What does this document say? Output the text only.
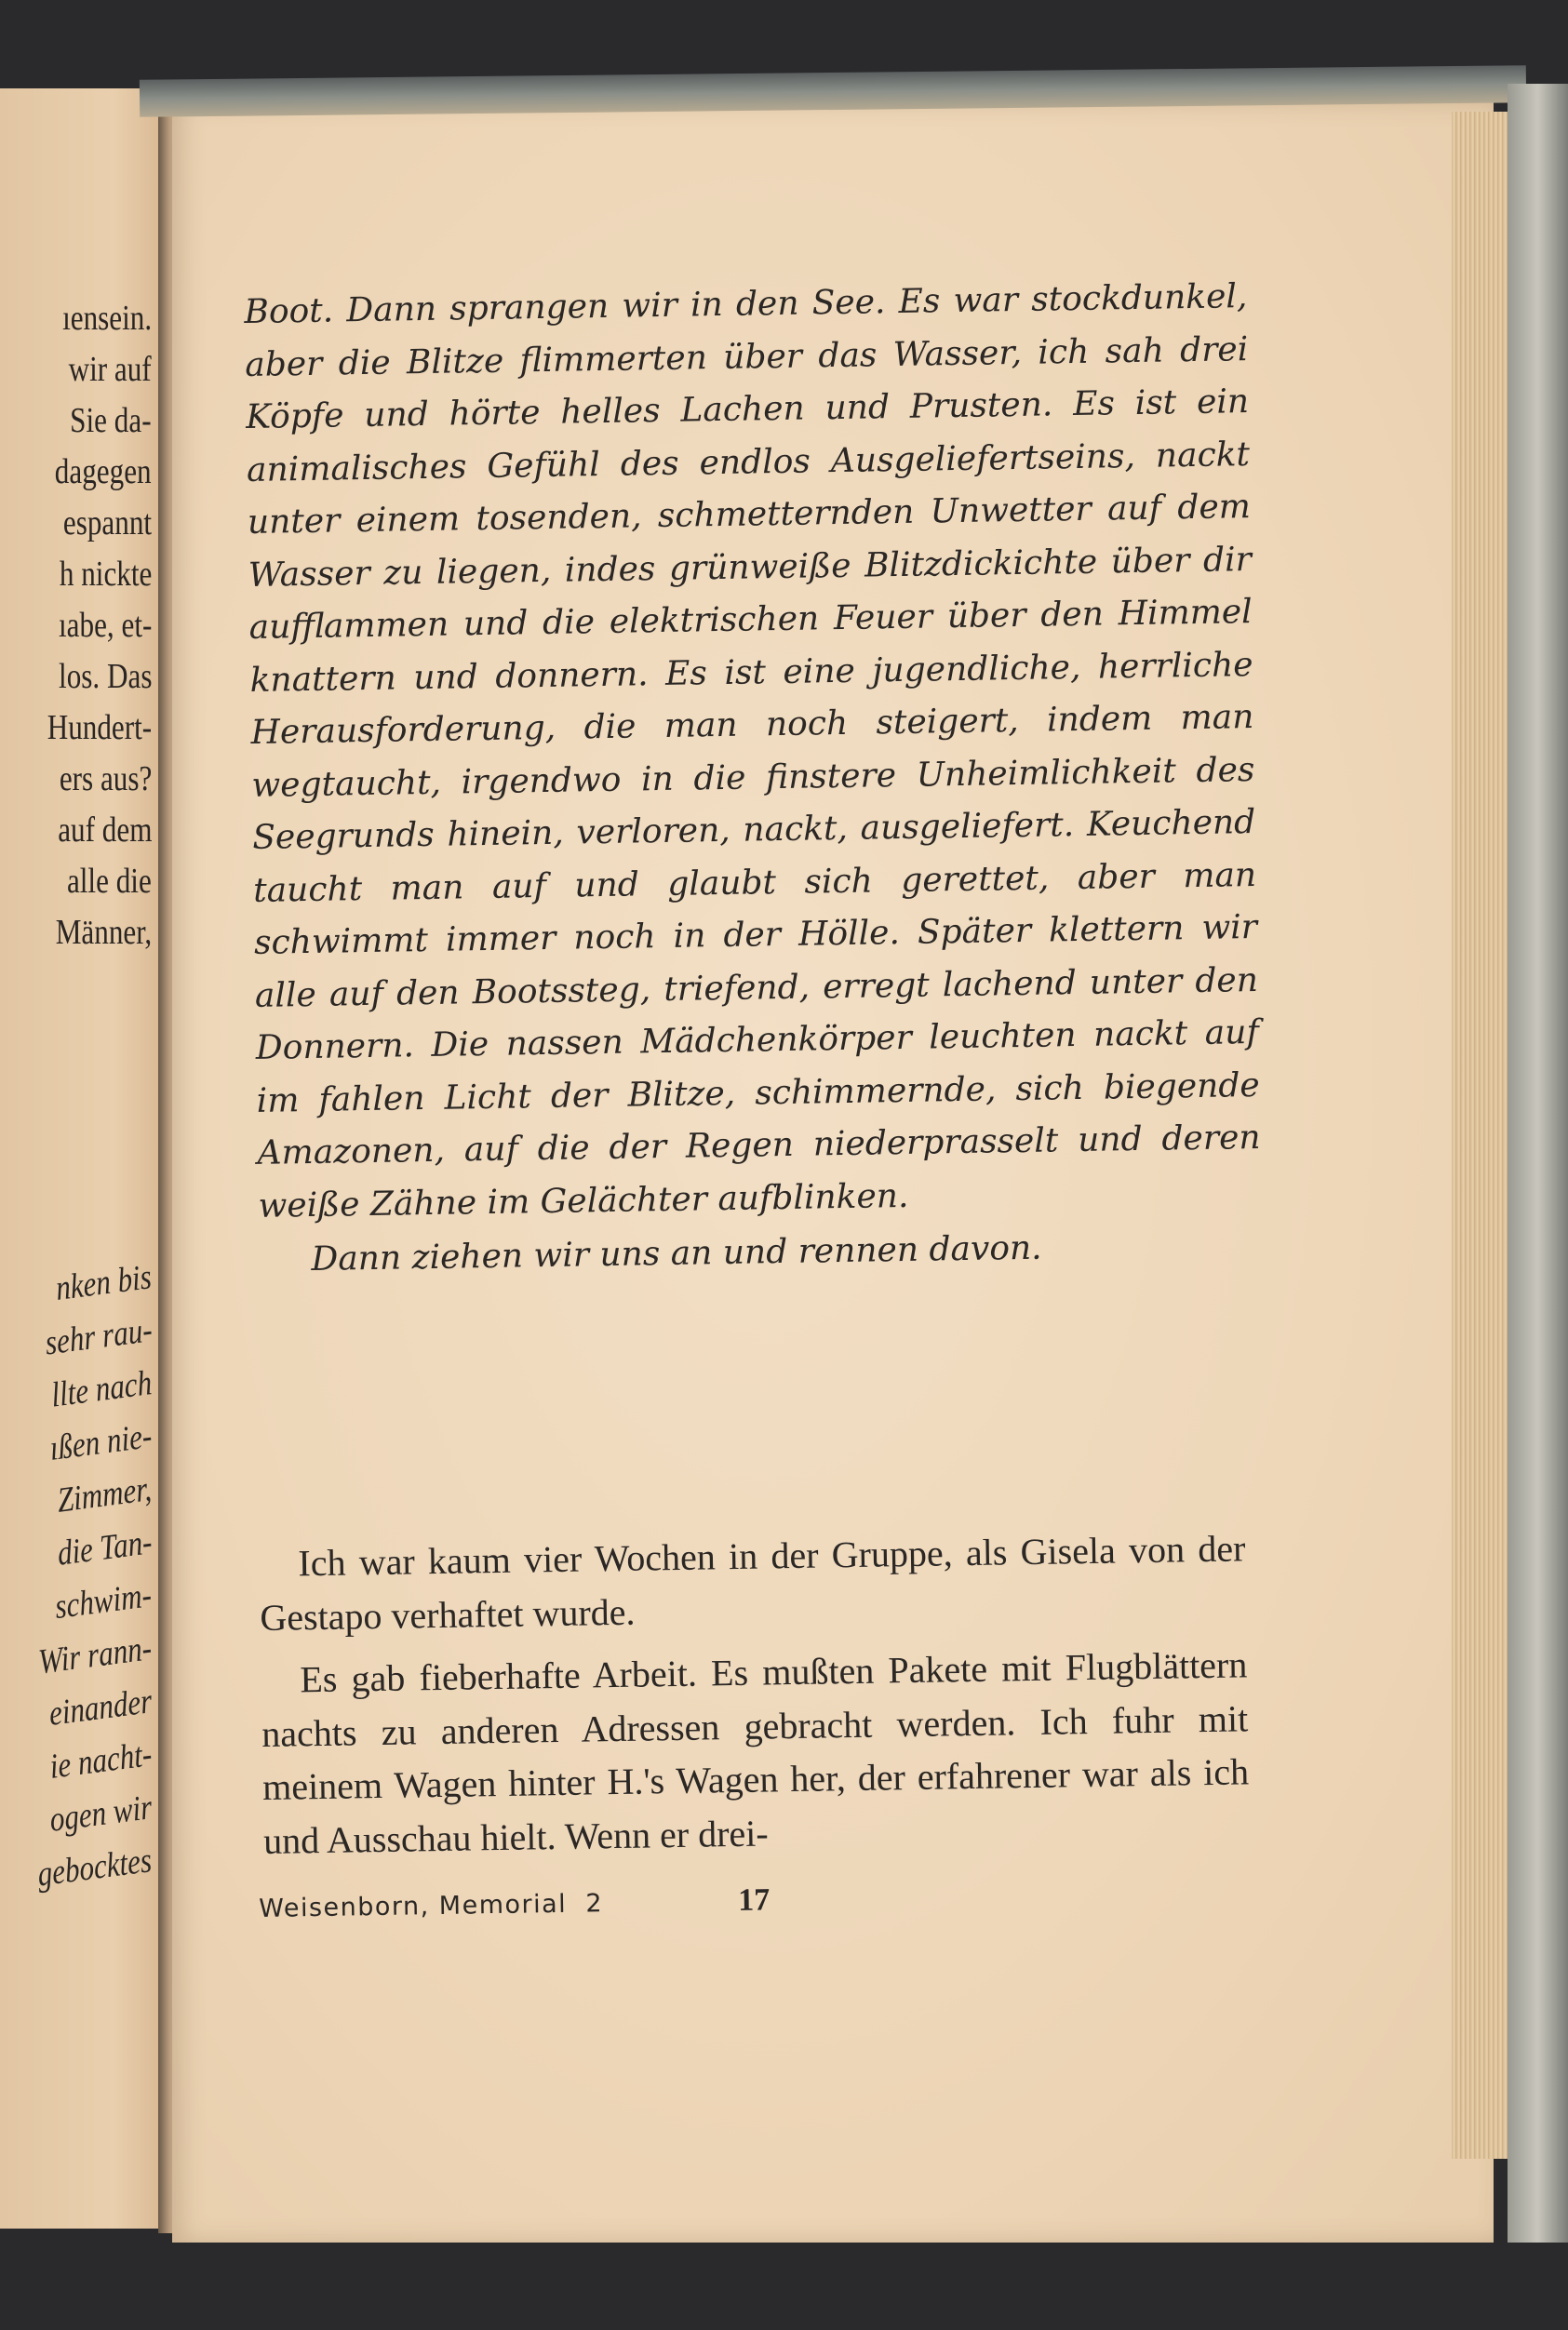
ıensein.
wir auf
Sie da-
dagegen
espannt
h nickte
ıabe, et-
los. Das
Hundert-
ers aus?
auf dem
alle die
Männer,
nken bis
sehr rau-
llte nach
ıßen nie-
Zimmer,
die Tan-
schwim-
Wir rann-
einander
ie nacht-
ogen wir
gebocktes

Boot. Dann sprangen wir in den See. Es war stockdunkel, aber die Blitze flimmerten über das Wasser, ich sah drei Köpfe und hörte helles Lachen und Prusten. Es ist ein animalisches Gefühl des endlos Ausgeliefertseins, nackt unter einem tosenden, schmetternden Unwetter auf dem Wasser zu liegen, indes grünweiße Blitzdickichte über dir aufflammen und die elektrischen Feuer über den Himmel knattern und donnern. Es ist eine jugendliche, herrliche Herausforderung, die man noch steigert, indem man wegtaucht, irgendwo in die finstere Unheimlichkeit des Seegrunds hinein, verloren, nackt, ausgeliefert. Keuchend taucht man auf und glaubt sich gerettet, aber man schwimmt immer noch in der Hölle. Später klettern wir alle auf den Bootssteg, triefend, erregt lachend unter den Donnern. Die nassen Mädchenkörper leuchten nackt auf im fahlen Licht der Blitze, schimmernde, sich biegende Amazonen, auf die der Regen niederprasselt und deren weiße Zähne im Gelächter aufblinken.

Dann ziehen wir uns an und rennen davon.

Ich war kaum vier Wochen in der Gruppe, als Gisela von der Gestapo verhaftet wurde.

Es gab fieberhafte Arbeit. Es mußten Pakete mit Flugblättern nachts zu anderen Adressen gebracht werden. Ich fuhr mit meinem Wagen hinter H.'s Wagen her, der erfahrener war als ich und Ausschau hielt. Wenn er drei-

Weisenborn, Memorial  2	17
